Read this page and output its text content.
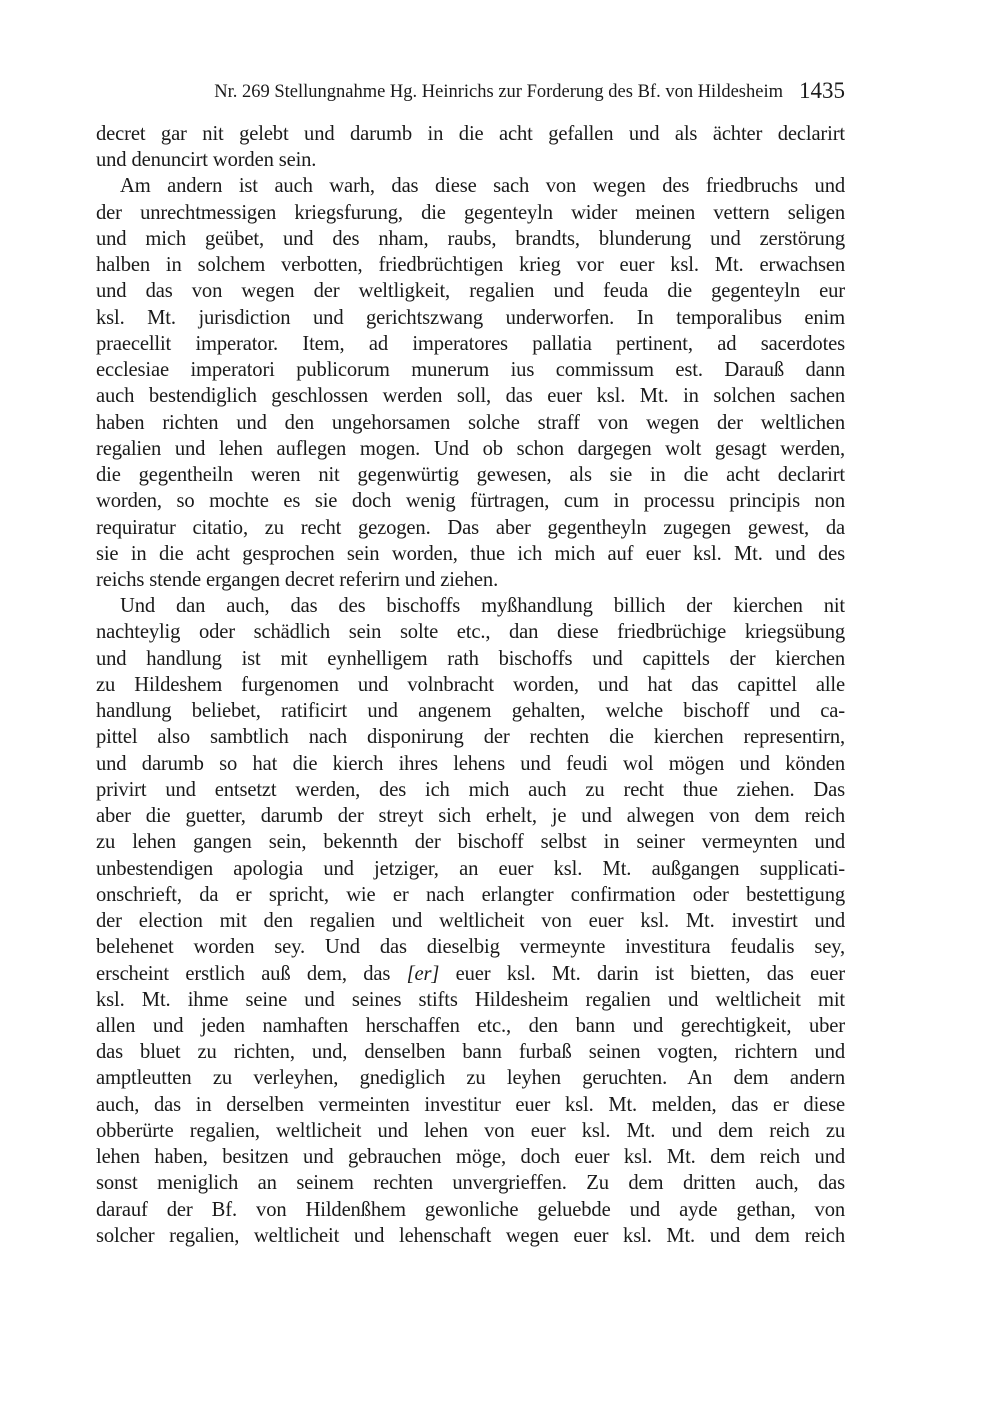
Nr. 269 Stellungnahme Hg. Heinrichs zur Forderung des Bf. von Hildesheim 1435
decret gar nit gelebt und darumb in die acht gefallen und als ächter declarirt
und denuncirt worden sein.
Am andern ist auch warh, das diese sach von wegen des friedbruchs und
der unrechtmessigen kriegsfurung, die gegenteyln wider meinen vettern seligen
und mich geübet, und des nham, raubs, brandts, blunderung und zerstörung
halben in solchem verbotten, friedbrüchtigen krieg vor euer ksl. Mt. erwachsen
und das von wegen der weltligkeit, regalien und feuda die gegenteyln eur
ksl. Mt. jurisdiction und gerichtszwang underworfen. In temporalibus enim
praecellit imperator. Item, ad imperatores pallatia pertinent, ad sacerdotes
ecclesiae imperatori publicorum munerum ius commissum est. Darauß dann
auch bestendiglich geschlossen werden soll, das euer ksl. Mt. in solchen sachen
haben richten und den ungehorsamen solche straff von wegen der weltlichen
regalien und lehen auflegen mogen. Und ob schon dargegen wolt gesagt werden,
die gegentheiln weren nit gegenwürtig gewesen, als sie in die acht declarirt
worden, so mochte es sie doch wenig fürtragen, cum in processu principis non
requiratur citatio, zu recht gezogen. Das aber gegentheyln zugegen gewest, da
sie in die acht gesprochen sein worden, thue ich mich auf euer ksl. Mt. und des
reichs stende ergangen decret referirn und ziehen.
Und dan auch, das des bischoffs myßhandlung billich der kierchen nit
nachteylig oder schädlich sein solte etc., dan diese friedbrüchige kriegsübung
und handlung ist mit eynhelligem rath bischoffs und capittels der kierchen
zu Hildeshem furgenomen und volnbracht worden, und hat das capittel alle
handlung beliebet, ratificirt und angenem gehalten, welche bischoff und ca-
pittel also sambtlich nach disponirung der rechten die kierchen representirn,
und darumb so hat die kierch ihres lehens und feudi wol mögen und könden
privirt und entsetzt werden, des ich mich auch zu recht thue ziehen. Das
aber die guetter, darumb der streyt sich erhelt, je und alwegen von dem reich
zu lehen gangen sein, bekennth der bischoff selbst in seiner vermeynten und
unbestendigen apologia und jetziger, an euer ksl. Mt. außgangen supplicati-
onschrieft, da er spricht, wie er nach erlangter confirmation oder bestettigung
der election mit den regalien und weltlicheit von euer ksl. Mt. investirt und
belehenet worden sey. Und das dieselbig vermeynte investitura feudalis sey,
erscheint erstlich auß dem, das [er] euer ksl. Mt. darin ist bietten, das euer
ksl. Mt. ihme seine und seines stifts Hildesheim regalien und weltlicheit mit
allen und jeden namhaften herschaffen etc., den bann und gerechtigkeit, uber
das bluet zu richten, und, denselben bann furbaß seinen vogten, richtern und
amptleutten zu verleyhen, gnediglich zu leyhen geruchten. An dem andern
auch, das in derselben vermeinten investitur euer ksl. Mt. melden, das er diese
obberürte regalien, weltlicheit und lehen von euer ksl. Mt. und dem reich zu
lehen haben, besitzen und gebrauchen möge, doch euer ksl. Mt. dem reich und
sonst meniglich an seinem rechten unvergrieffen. Zu dem dritten auch, das
darauf der Bf. von Hildenßhem gewonliche geluebde und ayde gethan, von
solcher regalien, weltlicheit und lehenschaft wegen euer ksl. Mt. und dem reich
